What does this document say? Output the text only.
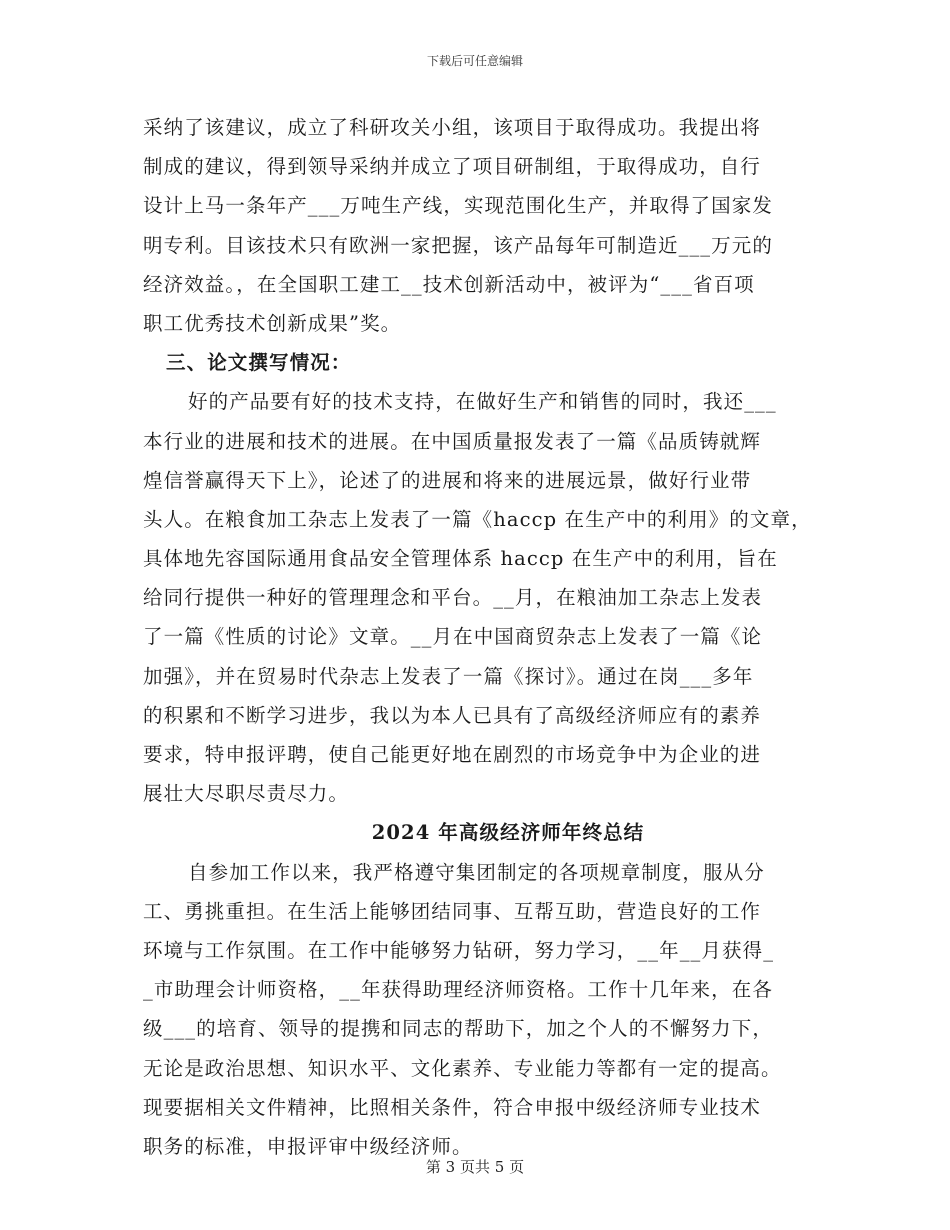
下载后可任意编辑
采纳了该建议，成立了科研攻关小组，该项目于取得成功。我提出将
制成的建议，得到领导采纳并成立了项目研制组，于取得成功，自行
设计上马一条年产___万吨生产线，实现范围化生产，并取得了国家发
明专利。目该技术只有欧洲一家把握，该产品每年可制造近___万元的
经济效益。，在全国职工建工__技术创新活动中，被评为“___省百项
职工优秀技术创新成果”奖。
三、论文撰写情况：
好的产品要有好的技术支持，在做好生产和销售的同时，我还___
本行业的进展和技术的进展。在中国质量报发表了一篇《品质铸就辉
煌信誉赢得天下上》，论述了的进展和将来的进展远景，做好行业带
头人。在粮食加工杂志上发表了一篇《haccp 在生产中的利用》的文章，
具体地先容国际通用食品安全管理体系 haccp 在生产中的利用，旨在
给同行提供一种好的管理理念和平台。__月，在粮油加工杂志上发表
了一篇《性质的讨论》文章。__月在中国商贸杂志上发表了一篇《论
加强》，并在贸易时代杂志上发表了一篇《探讨》。通过在岗___多年
的积累和不断学习进步，我以为本人已具有了高级经济师应有的素养
要求，特申报评聘，使自己能更好地在剧烈的市场竞争中为企业的进
展壮大尽职尽责尽力。
2024 年高级经济师年终总结
自参加工作以来，我严格遵守集团制定的各项规章制度，服从分
工、勇挑重担。在生活上能够团结同事、互帮互助，营造良好的工作
环境与工作氛围。在工作中能够努力钻研，努力学习，__年__月获得_
_市助理会计师资格，__年获得助理经济师资格。工作十几年来，在各
级___的培育、领导的提携和同志的帮助下，加之个人的不懈努力下，
无论是政治思想、知识水平、文化素养、专业能力等都有一定的提高。
现要据相关文件精神，比照相关条件，符合申报中级经济师专业技术
职务的标准，申报评审中级经济师。
第 3 页共 5 页
